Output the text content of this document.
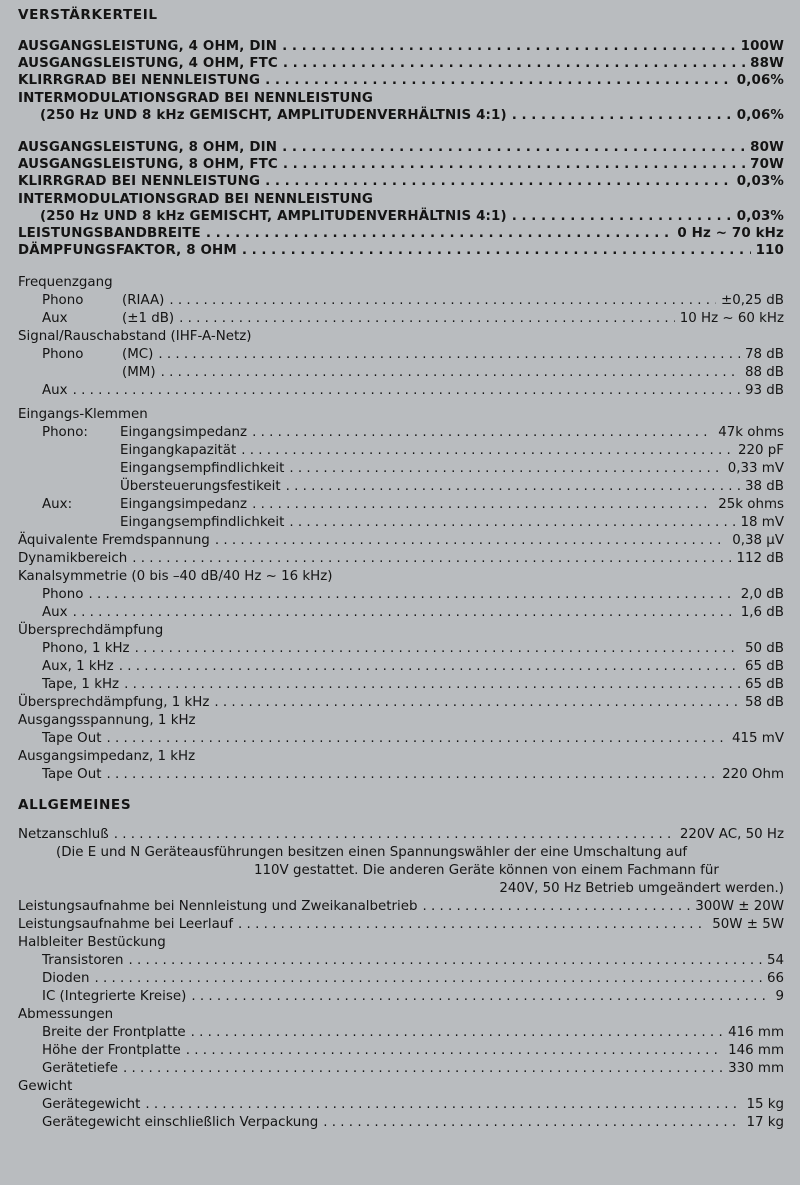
VERSTÄRKERTEIL
AUSGANGSLEISTUNG, 4 OHM, DIN . . .	100W
AUSGANGSLEISTUNG, 4 OHM, FTC . . .	88W
KLIRRGRAD BEI NENNLEISTUNG . . .	0,06%
INTERMODULATIONSGRAD BEI NENNLEISTUNG
(250 Hz UND 8 kHz GEMISCHT, AMPLITUDENVERHÄLTNIS 4:1) . . .	0,06%
AUSGANGSLEISTUNG, 8 OHM, DIN . . .	80W
AUSGANGSLEISTUNG, 8 OHM, FTC . . .	70W
KLIRRGRAD BEI NENNLEISTUNG . . .	0,03%
INTERMODULATIONSGRAD BEI NENNLEISTUNG
(250 Hz UND 8 kHz GEMISCHT, AMPLITUDENVERHÄLTNIS 4:1) . . .	0,03%
LEISTUNGSBANDBREITE . . .	0 Hz ~ 70 kHz
DÄMPFUNGSFAKTOR, 8 OHM . . .	110
Frequenzgang
Phono	(RIAA) . . .	±0,25 dB
Aux	(±1 dB) . . .	10 Hz ~ 60 kHz
Signal/Rauschabstand (IHF-A-Netz)
Phono	(MC) . . .	78 dB
(MM) . . .	88 dB
Aux . . .	93 dB
Eingangs-Klemmen
Phono:	Eingangsimpedanz . . .	47k ohms
Eingangkapazität . . .	220 pF
Eingangsempfindlichkeit . . .	0,33 mV
Übersteuerungsfestikeit . . .	38 dB
Aux:	Eingangsimpedanz . . .	25k ohms
Eingangsempfindlichkeit . . .	18 mV
Äquivalente Fremdspannung . . .	0,38 µV
Dynamikbereich . . .	112 dB
Kanalsymmetrie (0 bis –40 dB/40 Hz ~ 16 kHz)
Phono . . .	2,0 dB
Aux . . .	1,6 dB
Übersprechdämpfung
Phono, 1 kHz . . .	50 dB
Aux, 1 kHz . . .	65 dB
Tape, 1 kHz . . .	65 dB
Übersprechdämpfung, 1 kHz . . .	58 dB
Ausgangsspannung, 1 kHz
Tape Out . . .	415 mV
Ausgangsimpedanz, 1 kHz
Tape Out . . .	220 Ohm
ALLGEMEINES
Netzanschluß . . .	220V AC, 50 Hz
(Die E und N Geräteausführungen besitzen einen Spannungswähler der eine Umschaltung auf
110V gestattet. Die anderen Geräte können von einem Fachmann für
240V, 50 Hz Betrieb umgeändert werden.)
Leistungsaufnahme bei Nennleistung und Zweikanalbetrieb . . .	300W ± 20W
Leistungsaufnahme bei Leerlauf . . .	50W ± 5W
Halbleiter Bestückung
Transistoren . . .	54
Dioden . . .	66
IC (Integrierte Kreise) . . .	9
Abmessungen
Breite der Frontplatte . . .	416 mm
Höhe der Frontplatte . . .	146 mm
Gerätetiefe . . .	330 mm
Gewicht
Gerätegewicht . . .	15 kg
Gerätegewicht einschließlich Verpackung . . .	17 kg
